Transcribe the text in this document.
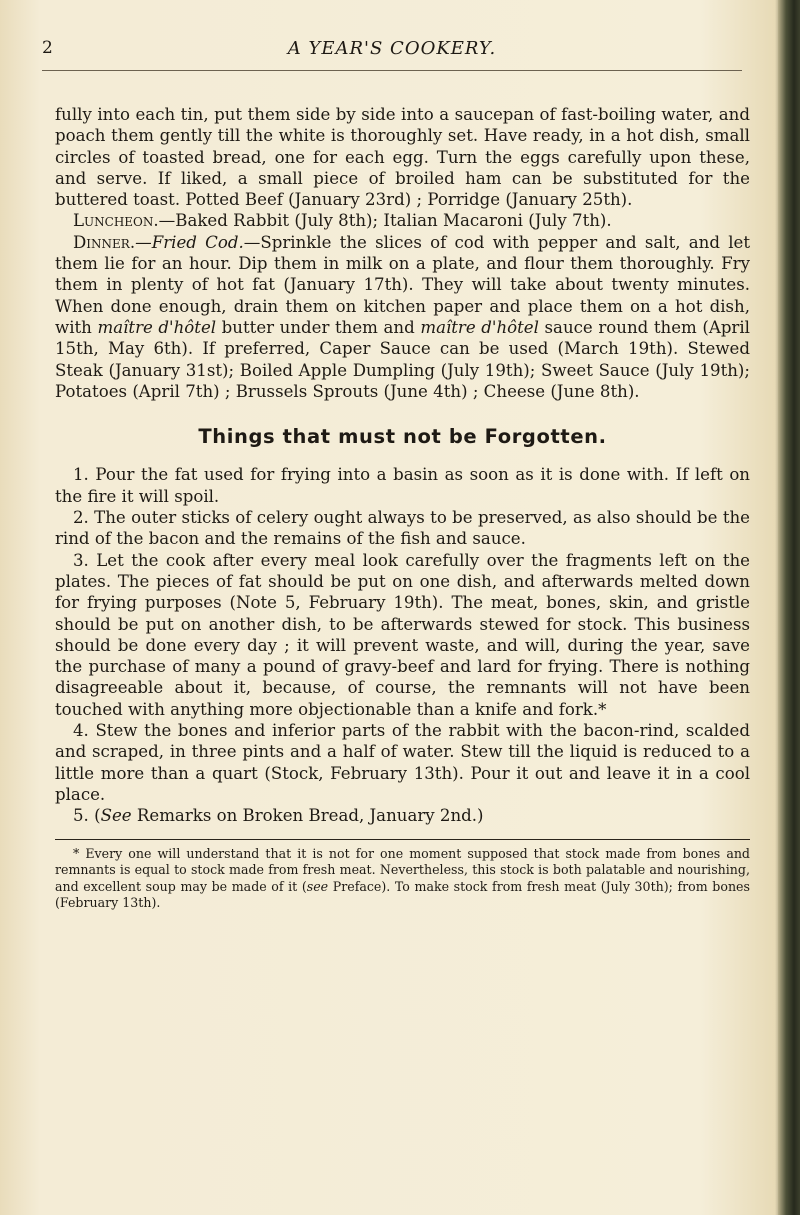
2	A YEAR'S COOKERY.

fully into each tin, put them side by side into a saucepan of fast-boiling water, and poach them gently till the white is thoroughly set. Have ready, in a hot dish, small circles of toasted bread, one for each egg. Turn the eggs carefully upon these, and serve. If liked, a small piece of broiled ham can be substituted for the buttered toast. Potted Beef (January 23rd) ; Porridge (January 25th).

Luncheon.—Baked Rabbit (July 8th); Italian Macaroni (July 7th).

Dinner.—Fried Cod.—Sprinkle the slices of cod with pepper and salt, and let them lie for an hour. Dip them in milk on a plate, and flour them thoroughly. Fry them in plenty of hot fat (January 17th). They will take about twenty minutes. When done enough, drain them on kitchen paper and place them on a hot dish, with maître d'hôtel butter under them and maître d'hôtel sauce round them (April 15th, May 6th). If preferred, Caper Sauce can be used (March 19th). Stewed Steak (January 31st); Boiled Apple Dumpling (July 19th); Sweet Sauce (July 19th); Potatoes (April 7th) ; Brussels Sprouts (June 4th) ; Cheese (June 8th).

Things that must not be Forgotten.

1. Pour the fat used for frying into a basin as soon as it is done with. If left on the fire it will spoil.

2. The outer sticks of celery ought always to be preserved, as also should be the rind of the bacon and the remains of the fish and sauce.

3. Let the cook after every meal look carefully over the fragments left on the plates. The pieces of fat should be put on one dish, and afterwards melted down for frying purposes (Note 5, February 19th). The meat, bones, skin, and gristle should be put on another dish, to be afterwards stewed for stock. This business should be done every day ; it will prevent waste, and will, during the year, save the purchase of many a pound of gravy-beef and lard for frying. There is nothing disagreeable about it, because, of course, the remnants will not have been touched with anything more objectionable than a knife and fork.*

4. Stew the bones and inferior parts of the rabbit with the bacon-rind, scalded and scraped, in three pints and a half of water. Stew till the liquid is reduced to a little more than a quart (Stock, February 13th). Pour it out and leave it in a cool place.

5. (See Remarks on Broken Bread, January 2nd.)

* Every one will understand that it is not for one moment supposed that stock made from bones and remnants is equal to stock made from fresh meat. Nevertheless, this stock is both palatable and nourishing, and excellent soup may be made of it (see Preface). To make stock from fresh meat (July 30th); from bones (February 13th).
